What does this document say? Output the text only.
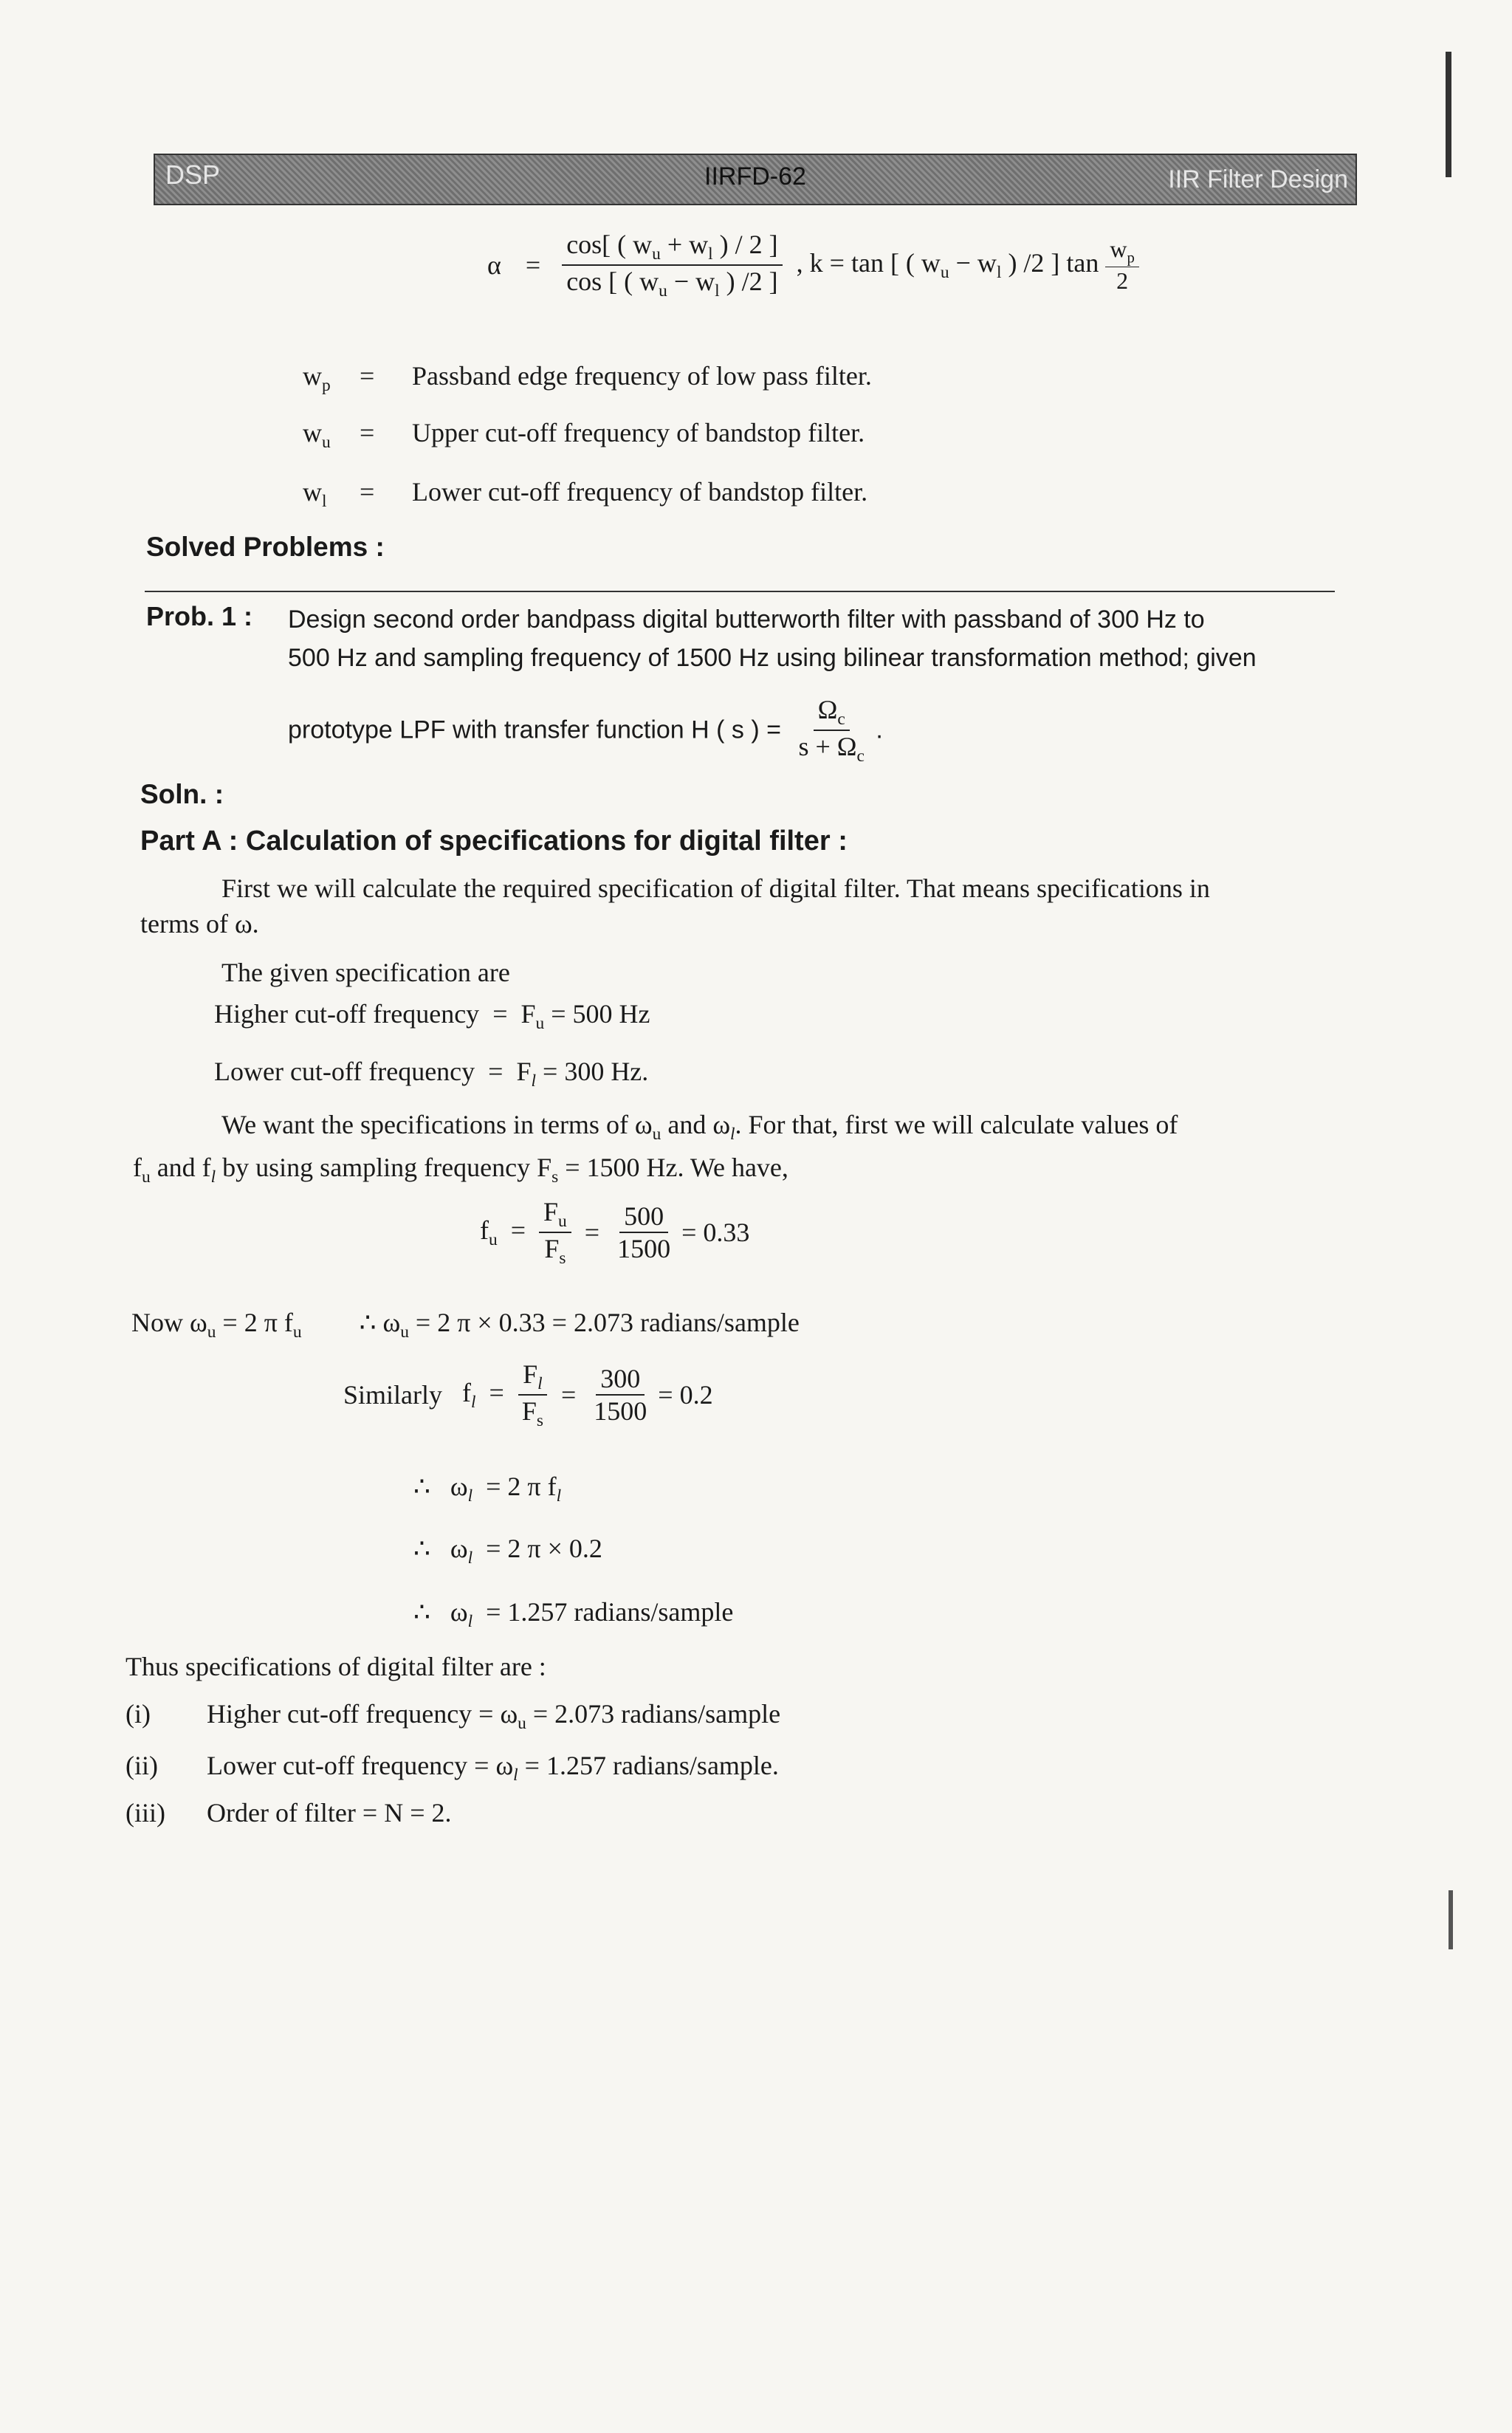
DSP	IIRFD-62	IIR Filter Design
$\alpha = \frac{\cos[ ( w_u + w_l ) / 2 ]}{\cos [ ( w_u - w_l ) /2 ]}$ , k = tan [ ( $w_u - w_l$ ) /2 ] $\tan \frac{w_p}{2}$
$w_p$ = Passband edge frequency of low pass filter.
$w_u$ = Upper cut-off frequency of bandstop filter.
$w_l$ = Lower cut-off frequency of bandstop filter.
Solved Problems :
Prob. 1 : Design second order bandpass digital butterworth filter with passband of 300 Hz to
500 Hz and sampling frequency of 1500 Hz using bilinear transformation method; given
prototype LPF with transfer function H ( s ) = $\frac{\Omega_c}{s + \Omega_c}$ .
Soln. :
Part A : Calculation of specifications for digital filter :
First we will calculate the required specification of digital filter. That means specifications in
terms of ω.
The given specification are
Higher cut-off frequency  =  $F_u = 500$ Hz
Lower cut-off frequency  =  $F_l = 300$ Hz.
We want the specifications in terms of $\omega_u$ and $\omega_l$. For that, first we will calculate values of
$f_u$ and $f_l$ by using sampling frequency $F_s = 1500$ Hz. We have,
$f_u = \frac{F_u}{F_s} = \frac{500}{1500} = 0.33$
Now $\omega_u = 2$ π $f_u$  ∴ $\omega_u = 2$ π × 0.33 = 2.073 radians/sample
Similarly   $f_l = \frac{F_l}{F_s} = \frac{300}{1500} = 0.2$
∴   $\omega_l = 2$ π $f_l$
∴   $\omega_l = 2$ π × 0.2
∴   $\omega_l = 1.257$ radians/sample
Thus specifications of digital filter are :
(i) Higher cut-off frequency = $\omega_u = 2.073$ radians/sample
(ii) Lower cut-off frequency = $\omega_l = 1.257$ radians/sample.
(iii) Order of filter = N = 2.
